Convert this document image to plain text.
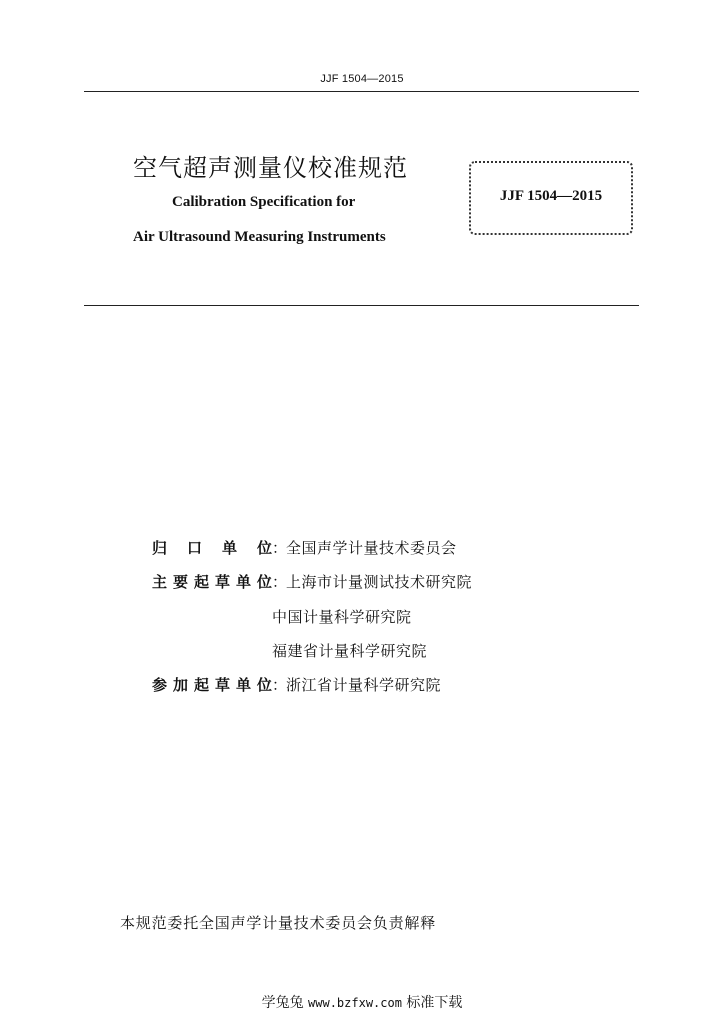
JJF 1504—2015
空气超声测量仪校准规范
Calibration Specification for
Air Ultrasound Measuring Instruments
JJF 1504—2015
归 口 单 位 ：
全国声学计量技术委员会
主 要 起 草 单 位 ：
上海市计量测试技术研究院
中国计量科学研究院
福建省计量科学研究院
参 加 起 草 单 位 ：
浙江省计量科学研究院
本规范委托全国声学计量技术委员会负责解释
学兔兔 www.bzfxw.com 标准下载
